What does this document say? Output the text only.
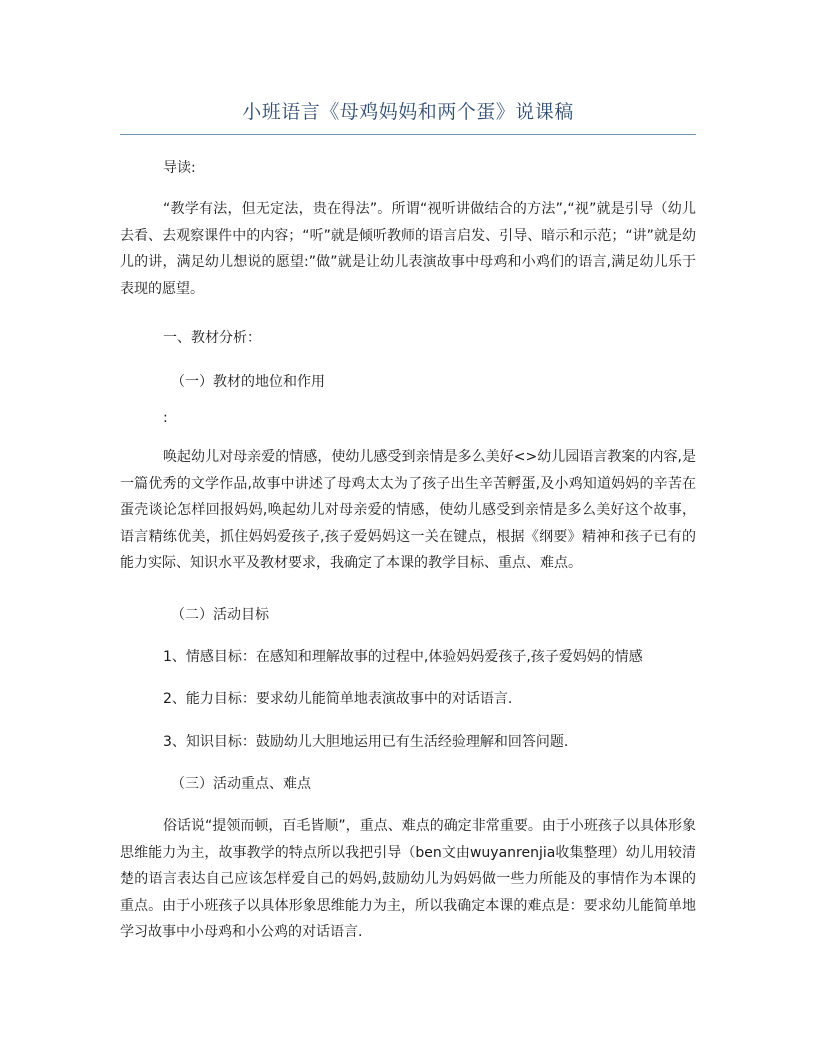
小班语言《母鸡妈妈和两个蛋》说课稿

导读:

“教学有法，但无定法，贵在得法”。所谓“视听讲做结合的方法”,“视”就是引导（幼儿去看、去观察课件中的内容；“听”就是倾听教师的语言启发、引导、暗示和示范；“讲”就是幼儿的讲，满足幼儿想说的愿望:”做”就是让幼儿表演故事中母鸡和小鸡们的语言,满足幼儿乐于表现的愿望。

一、教材分析：

（一）教材的地位和作用

:

唤起幼儿对母亲爱的情感，使幼儿感受到亲情是多么美好<>幼儿园语言教案的内容,是一篇优秀的文学作品,故事中讲述了母鸡太太为了孩子出生辛苦孵蛋,及小鸡知道妈妈的辛苦在蛋壳谈论怎样回报妈妈,唤起幼儿对母亲爱的情感，使幼儿感受到亲情是多么美好这个故事，语言精练优美，抓住妈妈爱孩子,孩子爱妈妈这一关在键点，根据《纲要》精神和孩子已有的能力实际、知识水平及教材要求，我确定了本课的教学目标、重点、难点。

（二）活动目标

1、情感目标：在感知和理解故事的过程中,体验妈妈爱孩子,孩子爱妈妈的情感

2、能力目标：要求幼儿能简单地表演故事中的对话语言.

3、知识目标：鼓励幼儿大胆地运用已有生活经验理解和回答问题.

（三）活动重点、难点

俗话说“提领而顿，百毛皆顺”，重点、难点的确定非常重要。由于小班孩子以具体形象思维能力为主，故事教学的特点所以我把引导（ben文由wuyanrenjia收集整理）幼儿用较清楚的语言表达自己应该怎样爱自己的妈妈,鼓励幼儿为妈妈做一些力所能及的事情作为本课的重点。由于小班孩子以具体形象思维能力为主，所以我确定本课的难点是：要求幼儿能简单地学习故事中小母鸡和小公鸡的对话语言.
